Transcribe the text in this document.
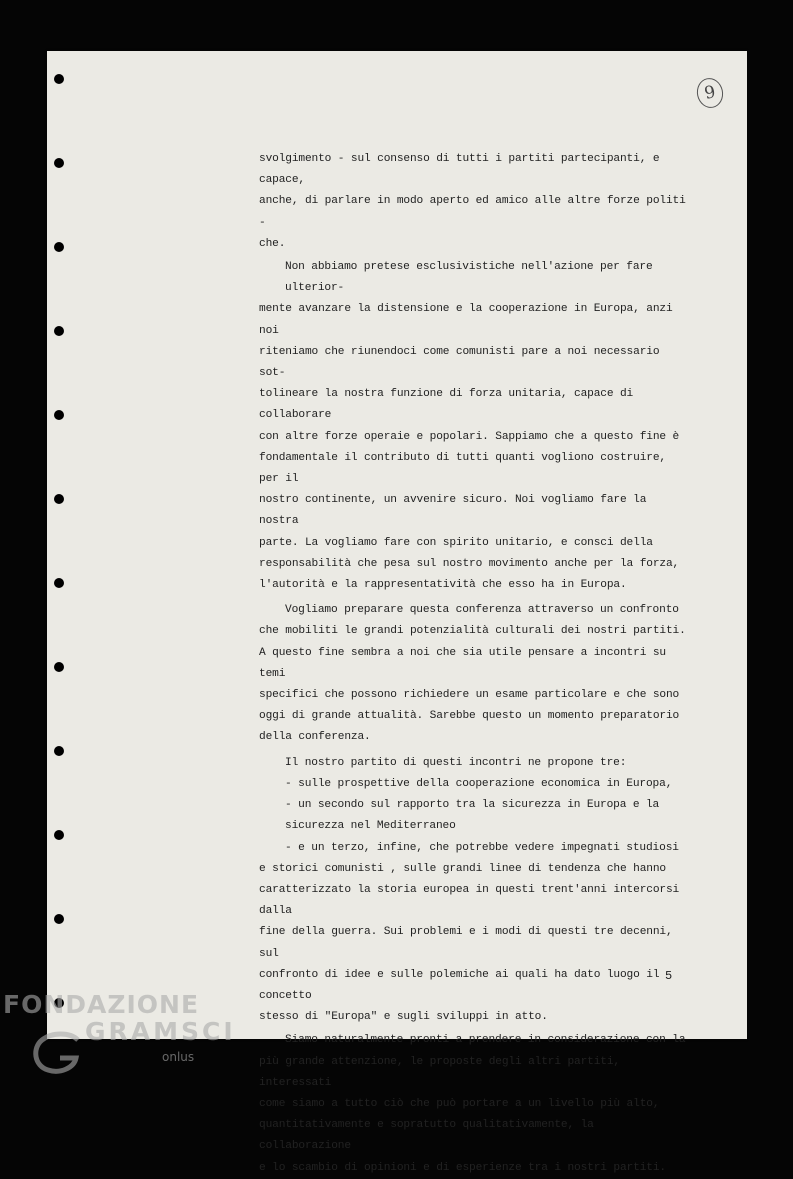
9

svolgimento - sul consenso di tutti i partiti partecipanti, e capace,

anche, di parlare in modo aperto ed amico alle altre forze politi -

che.

Non abbiamo pretese esclusivistiche nell'azione per fare ulterior-

mente avanzare la distensione e la cooperazione in Europa, anzi noi

riteniamo che riunendoci come comunisti pare a noi necessario sot-

tolineare la nostra funzione di forza unitaria, capace di collaborare

con altre forze operaie e popolari. Sappiamo che a questo fine è

fondamentale il contributo di tutti quanti vogliono costruire, per il

nostro continente, un avvenire sicuro. Noi vogliamo fare la nostra

parte. La vogliamo fare con spirito unitario, e consci della

responsabilità che pesa sul nostro movimento anche per la forza,

l'autorità e la rappresentatività che esso ha in Europa.

Vogliamo preparare questa conferenza attraverso un confronto

che mobiliti le grandi potenzialità culturali dei nostri partiti.

A questo fine sembra a noi che sia utile pensare a incontri su temi

specifici che possono richiedere un esame particolare e che sono

oggi di grande attualità. Sarebbe questo un momento preparatorio

della conferenza.

Il nostro partito di questi incontri ne propone tre:

- sulle prospettive della cooperazione economica in Europa,

- un secondo sul rapporto tra la sicurezza in Europa e la

sicurezza nel Mediterraneo

- e un terzo, infine, che potrebbe vedere impegnati studiosi

e storici comunisti , sulle grandi linee di tendenza che hanno

caratterizzato la storia europea in questi trent'anni intercorsi dalla

fine della guerra. Sui problemi e i modi di questi tre decenni, sul

confronto di idee e sulle polemiche ai quali ha dato luogo il concetto

stesso di "Europa" e sugli sviluppi in atto.

Siamo naturalmente pronti a prendere in considerazione con la

più grande attenzione, le proposte degli altri partiti, interessati

come siamo a tutto ciò che può portare a un livello più alto,

quantitativamente e sopratutto qualitativamente, la collaborazione

e lo scambio di opinioni e di esperienze tra i nostri partiti.

5
FONDAZIONE
GRAMSCI
onlus
